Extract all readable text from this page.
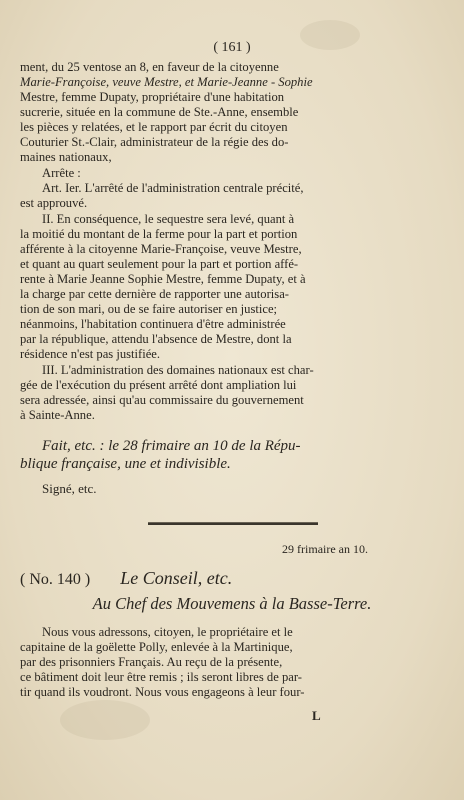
( 161 )
ment, du 25 ventose an 8, en faveur de la citoyenne
Marie-Françoise, veuve Mestre, et Marie-Jeanne - Sophie
Mestre, femme Dupaty, propriétaire d'une habitation
sucrerie, située en la commune de Ste.-Anne, ensemble
les pièces y relatées, et le rapport par écrit du citoyen
Couturier St.-Clair, administrateur de la régie des do-
maines nationaux,
Arrête :
Art. Ier. L'arrêté de l'administration centrale précité,
est approuvé.
II. En conséquence, le sequestre sera levé, quant à
la moitié du montant de la ferme pour la part et portion
afférente à la citoyenne Marie-Françoise, veuve Mestre,
et quant au quart seulement pour la part et portion affé-
rente à Marie Jeanne Sophie Mestre, femme Dupaty, et à
la charge par cette dernière de rapporter une autorisa-
tion de son mari, ou de se faire autoriser en justice;
néanmoins, l'habitation continuera d'être administrée
par la république, attendu l'absence de Mestre, dont la
résidence n'est pas justifiée.
III. L'administration des domaines nationaux est char-
gée de l'exécution du présent arrêté dont ampliation lui
sera adressée, ainsi qu'au commissaire du gouvernement
à Sainte-Anne.
Fait, etc. : le 28 frimaire an 10 de la Répu-
blique française, une et indivisible.
Signé, etc.
29 frimaire an 10.
( No. 140 ) Le Conseil, etc.
Au Chef des Mouvemens à la Basse-Terre.
Nous vous adressons, citoyen, le propriétaire et le
capitaine de la goëlette Polly, enlevée à la Martinique,
par des prisonniers Français. Au reçu de la présente,
ce bâtiment doit leur être remis ; ils seront libres de par-
tir quand ils voudront. Nous vous engageons à leur four-
L
